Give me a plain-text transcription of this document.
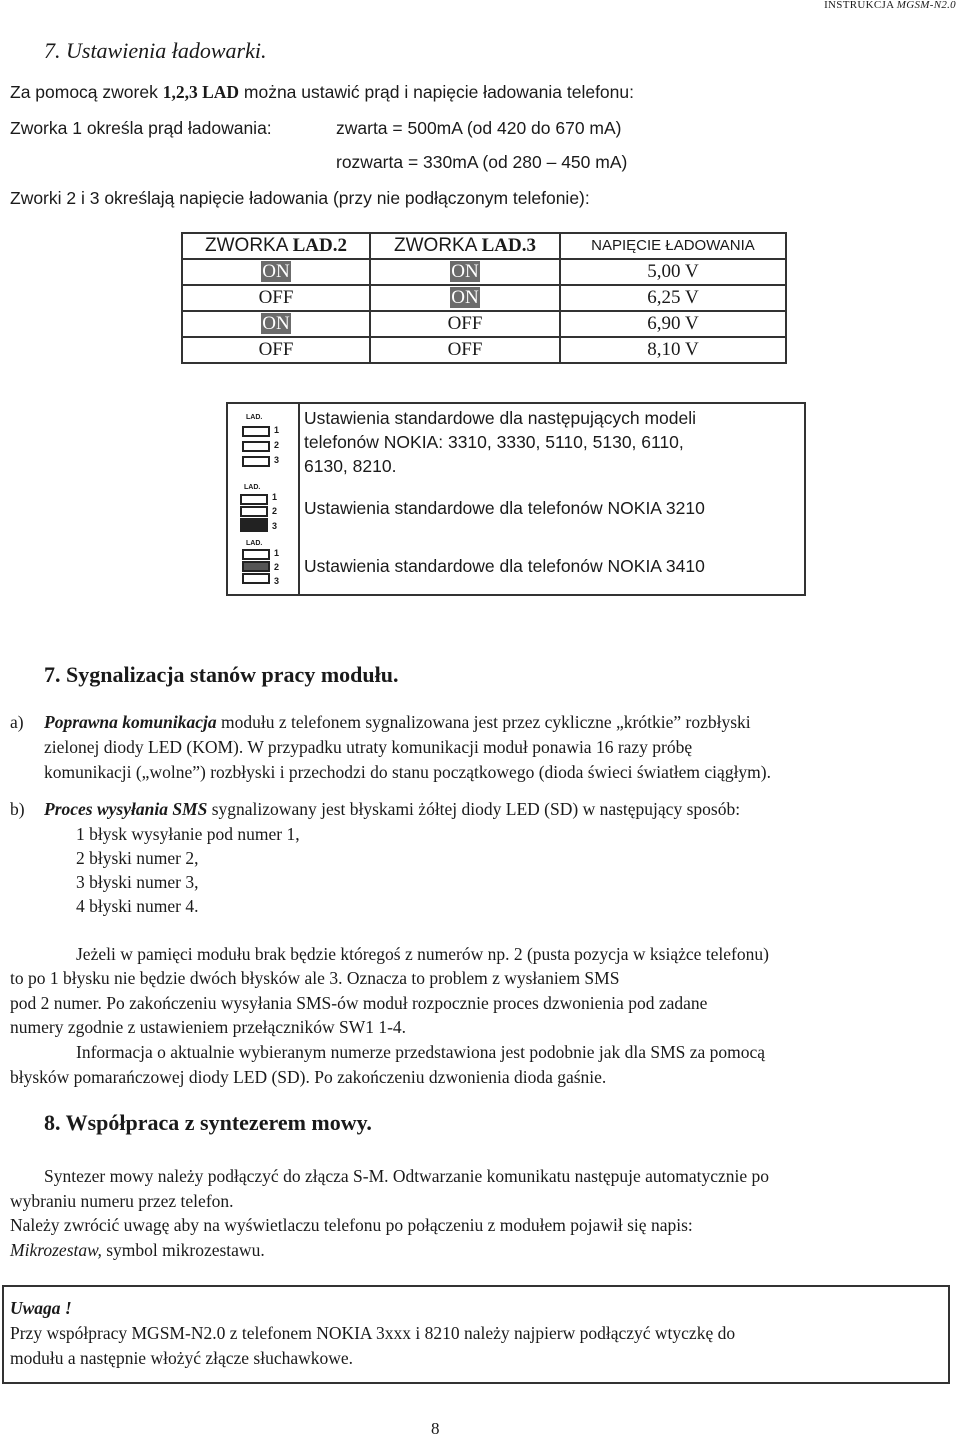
INSTRUKCJA MGSM-N2.0
7. Ustawienia ładowarki.
Za pomocą zworek 1,2,3 LAD można ustawić prąd i napięcie ładowania telefonu:
Zworka 1 określa prąd ładowania:	zwarta = 500mA (od 420 do 670 mA)
rozwarta = 330mA (od 280 – 450 mA)
Zworki 2 i 3 określają napięcie ładowania (przy nie podłączonym telefonie):
ZWORKA LAD.2	ZWORKA LAD.3	NAPIĘCIE ŁADOWANIA
ON	ON	5,00 V
OFF	ON	6,25 V
ON	OFF	6,90 V
OFF	OFF	8,10 V
LAD.
1
2
3
Ustawienia standardowe dla następujących modeli
telefonów NOKIA: 3310, 3330, 5110, 5130, 6110,
6130, 8210.
LAD.
1
2
3
Ustawienia standardowe dla telefonów NOKIA 3210
LAD.
1
2
3
Ustawienia standardowe dla telefonów NOKIA 3410
7. Sygnalizacja stanów pracy modułu.
a) Poprawna komunikacja modułu z telefonem sygnalizowana jest przez cykliczne „krótkie” rozbłyski
zielonej diody LED (KOM). W przypadku utraty komunikacji moduł ponawia 16 razy próbę
komunikacji („wolne”) rozbłyski i przechodzi do stanu początkowego (dioda świeci światłem ciągłym).
b) Proces wysyłania SMS sygnalizowany jest błyskami żółtej diody LED (SD) w następujący sposób:
1 błysk wysyłanie pod numer 1,
2 błyski numer 2,
3 błyski numer 3,
4 błyski numer 4.
Jeżeli w pamięci modułu brak będzie któregoś z numerów np. 2 (pusta pozycja w książce telefonu)
to po 1 błysku nie będzie dwóch błysków ale 3. Oznacza to problem z wysłaniem SMS
pod 2 numer. Po zakończeniu wysyłania SMS-ów moduł rozpocznie proces dzwonienia pod zadane
numery zgodnie z ustawieniem przełączników SW1 1-4.
Informacja o aktualnie wybieranym numerze przedstawiona jest podobnie jak dla SMS za pomocą
błysków pomarańczowej diody LED (SD). Po zakończeniu dzwonienia dioda gaśnie.
8. Współpraca z syntezerem mowy.
Syntezer mowy należy podłączyć do złącza S-M. Odtwarzanie komunikatu następuje automatycznie po
wybraniu numeru przez telefon.
Należy zwrócić uwagę aby na wyświetlaczu telefonu po połączeniu z modułem pojawił się napis:
Mikrozestaw, symbol mikrozestawu.
Uwaga !
Przy współpracy MGSM-N2.0 z telefonem NOKIA 3xxx i 8210 należy najpierw podłączyć wtyczkę do
modułu a następnie włożyć złącze słuchawkowe.
8
